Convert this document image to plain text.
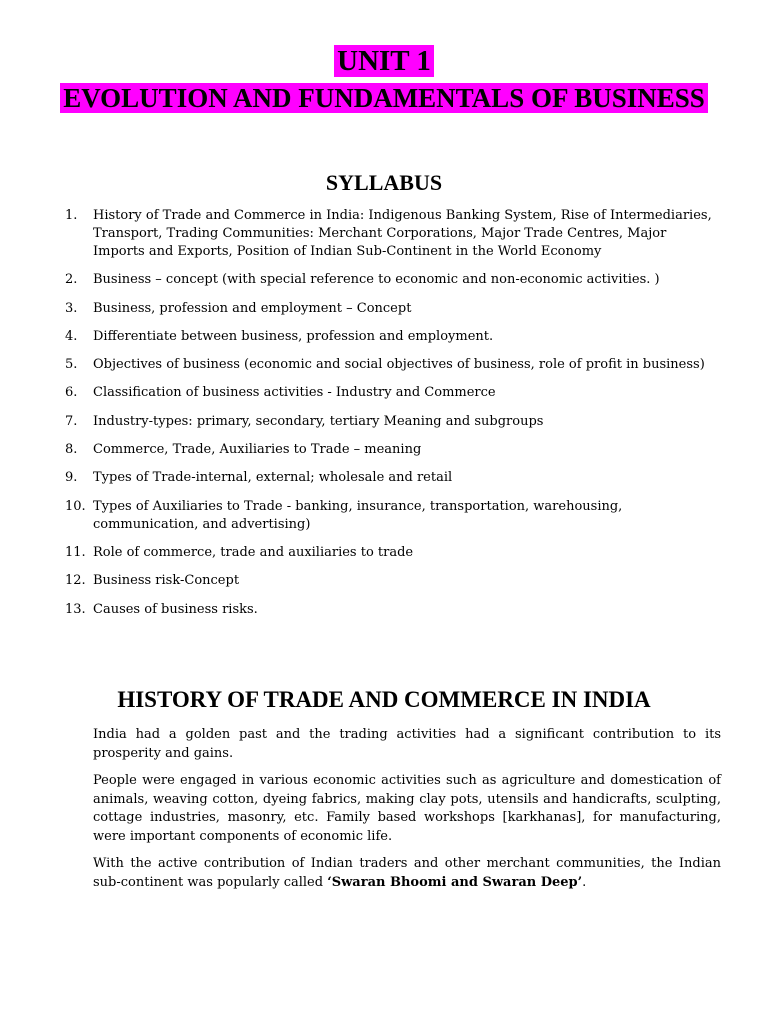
UNIT 1
EVOLUTION AND FUNDAMENTALS OF BUSINESS
SYLLABUS
1.	History of Trade and Commerce in India: Indigenous Banking System, Rise of Intermediaries, Transport, Trading Communities: Merchant Corporations, Major Trade Centres, Major Imports and Exports, Position of Indian Sub-Continent in the World Economy
2.	Business – concept (with special reference to economic and non-economic activities. )
3.	Business, profession and employment – Concept
4.	Differentiate between business, profession and employment.
5.	Objectives of business (economic and social objectives of business, role of profit in business)
6.	Classification of business activities - Industry and Commerce
7.	Industry-types: primary, secondary, tertiary Meaning and subgroups
8.	Commerce, Trade, Auxiliaries to Trade – meaning
9.	Types of Trade-internal, external; wholesale and retail
10. Types of Auxiliaries to Trade - banking, insurance, transportation, warehousing, communication, and advertising)
11. Role of commerce, trade and auxiliaries to trade
12. Business risk-Concept
13. Causes of business risks.
HISTORY OF TRADE AND COMMERCE IN INDIA

India had a golden past and the trading activities had a significant contribution to its prosperity and gains.

People were engaged in various economic activities such as agriculture and domestication of animals, weaving cotton, dyeing fabrics, making clay pots, utensils and handicrafts, sculpting, cottage industries, masonry, etc. Family based workshops [karkhanas], for manufacturing, were important components of economic life.

With the active contribution of Indian traders and other merchant communities, the Indian sub-continent was popularly called ‘Swaran Bhoomi and Swaran Deep’.
